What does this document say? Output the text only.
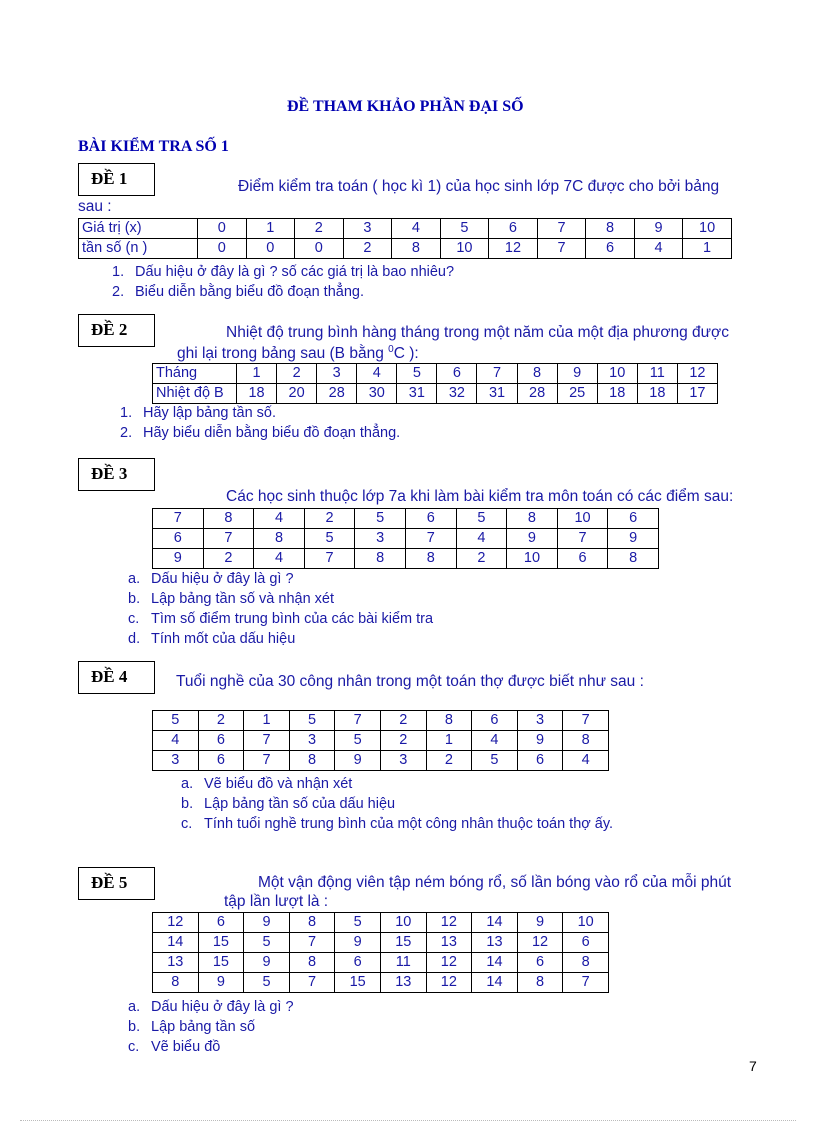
ĐỀ THAM KHẢO PHẦN ĐẠI SỐ
BÀI KIỂM TRA SỐ 1
ĐỀ 1	Điểm kiểm tra toán ( học kì 1) của học sinh lớp 7C được cho bởi bảng
sau :
Giá trị (x)	0	1	2	3	4	5	6	7	8	9	10
tần số (n )	0	0	0	2	8	10	12	7	6	4	1
1. Dấu hiệu ở đây là gì ? số các giá trị là bao nhiêu?
2. Biểu diễn bằng biểu đồ đoạn thẳng.
ĐỀ 2	Nhiệt độ trung bình hàng tháng trong một năm của một địa phương được
ghi lại trong bảng sau (B bằng $^0$C ):
Tháng	1	2	3	4	5	6	7	8	9	10	11	12
Nhiệt độ B	18	20	28	30	31	32	31	28	25	18	18	17
1. Hãy lập bảng tần số.
2. Hãy biểu diễn bằng biểu đồ đoạn thẳng.
ĐỀ 3
Các học sinh thuộc lớp 7a khi làm bài kiểm tra môn toán có các điểm sau:
7	8	4	2	5	6	5	8	10	6
6	7	8	5	3	7	4	9	7	9
9	2	4	7	8	8	2	10	6	8
a. Dấu hiệu ở đây là gì ?
b. Lập bảng tần số và nhận xét
c. Tìm số điểm trung bình của các bài kiểm tra
d. Tính mốt của dấu hiệu
ĐỀ 4	Tuổi nghề của 30 công nhân trong một toán thợ được biết như sau :
5	2	1	5	7	2	8	6	3	7
4	6	7	3	5	2	1	4	9	8
3	6	7	8	9	3	2	5	6	4
a. Vẽ biểu đồ và nhận xét
b. Lập bảng tần số của dấu hiệu
c. Tính tuổi nghề trung bình của một công nhân thuộc toán thợ ấy.
ĐỀ 5	Một vận động viên tập ném bóng rổ, số lần bóng vào rổ của mỗi phút
tập lần lượt là :
12	6	9	8	5	10	12	14	9	10
14	15	5	7	9	15	13	13	12	6
13	15	9	8	6	11	12	14	6	8
8	9	5	7	15	13	12	14	8	7
a. Dấu hiệu ở đây là gì ?
b. Lập bảng tần số
c. Vẽ biểu đồ
7
